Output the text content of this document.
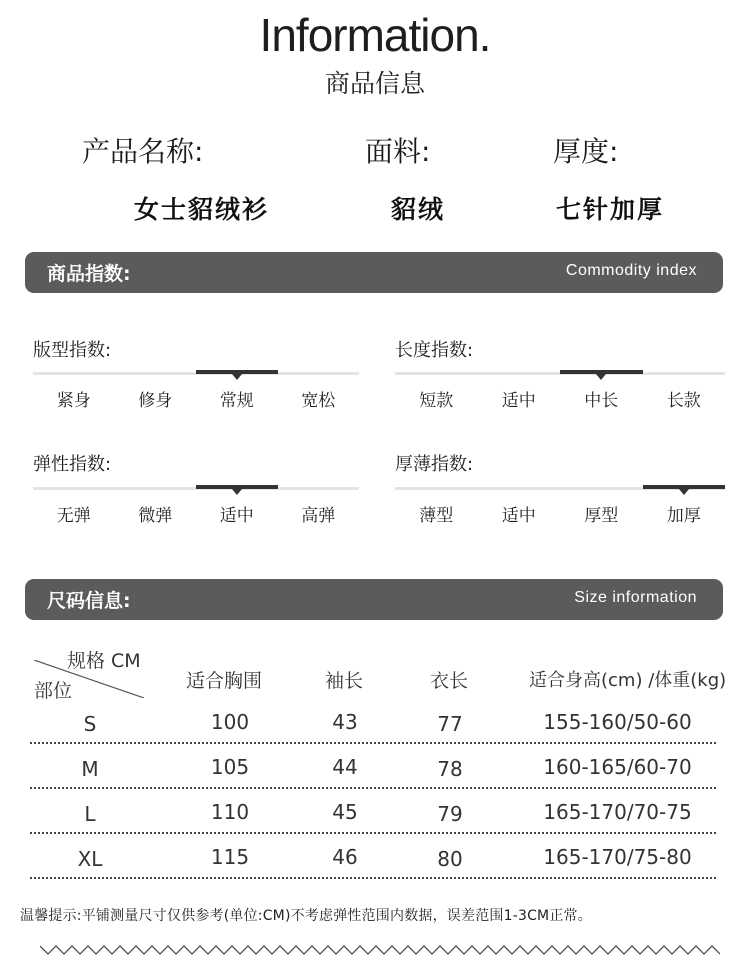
Information.
商品信息
产品名称:	面料:	厚度:
女士貂绒衫	貂绒	七针加厚
商品指数:	Commodity index
版型指数:
紧身	修身	常规	宽松
长度指数:
短款	适中	中长	长款
弹性指数:
无弹	微弹	适中	高弹
厚薄指数:
薄型	适中	厚型	加厚
尺码信息:	Size information
规格 CM
部位	适合胸围	袖长	衣长	适合身高(cm) /体重(kg)
S	100	43	77	155-160/50-60
M	105	44	78	160-165/60-70
L	110	45	79	165-170/70-75
XL	115	46	80	165-170/75-80
温馨提示:平铺测量尺寸仅供参考(单位:CM)不考虑弹性范围内数据，误差范围1-3CM正常。
